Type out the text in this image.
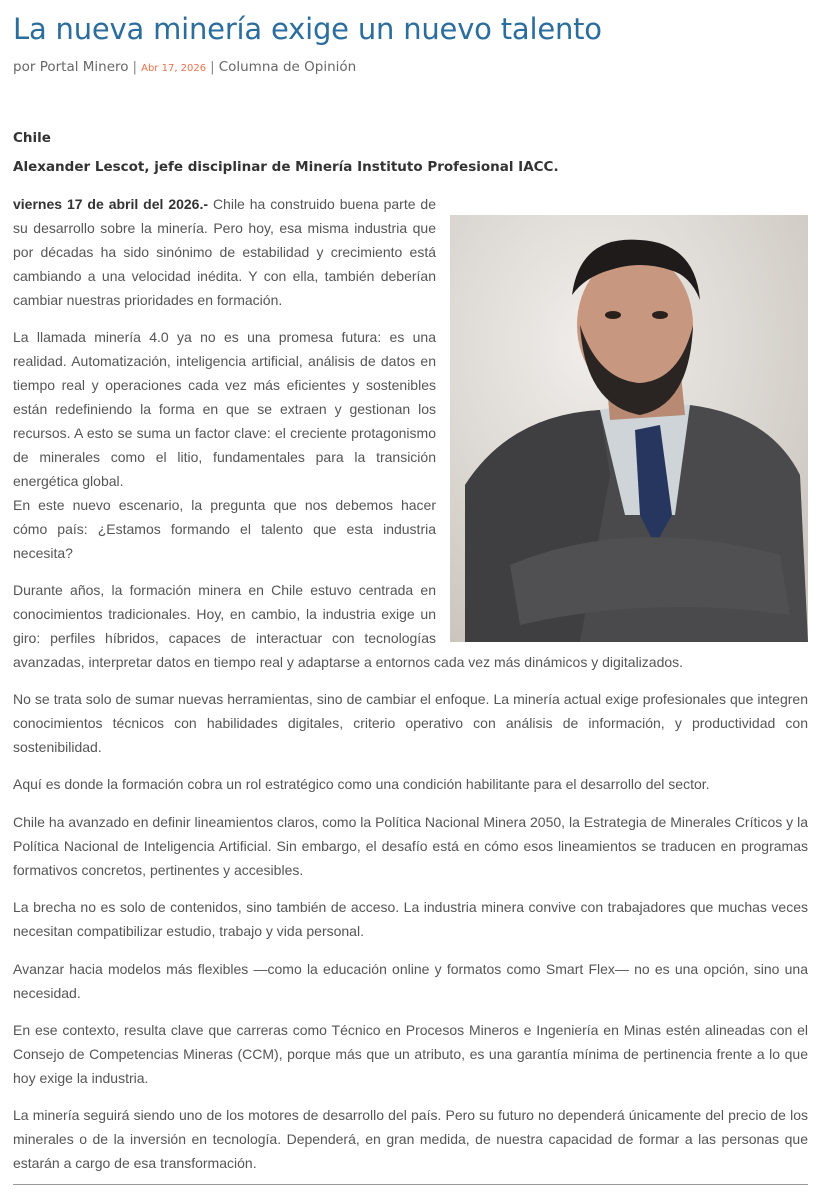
La nueva minería exige un nuevo talento
por Portal Minero | Abr 17, 2026 | Columna de Opinión

Chile

Alexander Lescot, jefe disciplinar de Minería Instituto Profesional IACC.

viernes 17 de abril del 2026.- Chile ha construido buena parte de su desarrollo sobre la minería. Pero hoy, esa misma industria que por décadas ha sido sinónimo de estabilidad y crecimiento está cambiando a una velocidad inédita. Y con ella, también deberían cambiar nuestras prioridades en formación.
La llamada minería 4.0 ya no es una promesa futura: es una realidad. Automatización, inteligencia artificial, análisis de datos en tiempo real y operaciones cada vez más eficientes y sostenibles están redefiniendo la forma en que se extraen y gestionan los recursos. A esto se suma un factor clave: el creciente protagonismo de minerales como el litio, fundamentales para la transición energética global.
En este nuevo escenario, la pregunta que nos debemos hacer cómo país: ¿Estamos formando el talento que esta industria necesita?
Durante años, la formación minera en Chile estuvo centrada en conocimientos tradicionales. Hoy, en cambio, la industria exige un giro: perfiles híbridos, capaces de interactuar con tecnologías avanzadas, interpretar datos en tiempo real y adaptarse a entornos cada vez más dinámicos y digitalizados.
No se trata solo de sumar nuevas herramientas, sino de cambiar el enfoque. La minería actual exige profesionales que integren conocimientos técnicos con habilidades digitales, criterio operativo con análisis de información, y productividad con sostenibilidad.
Aquí es donde la formación cobra un rol estratégico como una condición habilitante para el desarrollo del sector.
Chile ha avanzado en definir lineamientos claros, como la Política Nacional Minera 2050, la Estrategia de Minerales Críticos y la Política Nacional de Inteligencia Artificial. Sin embargo, el desafío está en cómo esos lineamientos se traducen en programas formativos concretos, pertinentes y accesibles.
La brecha no es solo de contenidos, sino también de acceso. La industria minera convive con trabajadores que muchas veces necesitan compatibilizar estudio, trabajo y vida personal.
Avanzar hacia modelos más flexibles —como la educación online y formatos como Smart Flex— no es una opción, sino una necesidad.
En ese contexto, resulta clave que carreras como Técnico en Procesos Mineros e Ingeniería en Minas estén alineadas con el Consejo de Competencias Mineras (CCM), porque más que un atributo, es una garantía mínima de pertinencia frente a lo que hoy exige la industria.
La minería seguirá siendo uno de los motores de desarrollo del país. Pero su futuro no dependerá únicamente del precio de los minerales o de la inversión en tecnología. Dependerá, en gran medida, de nuestra capacidad de formar a las personas que estarán a cargo de esa transformación.
